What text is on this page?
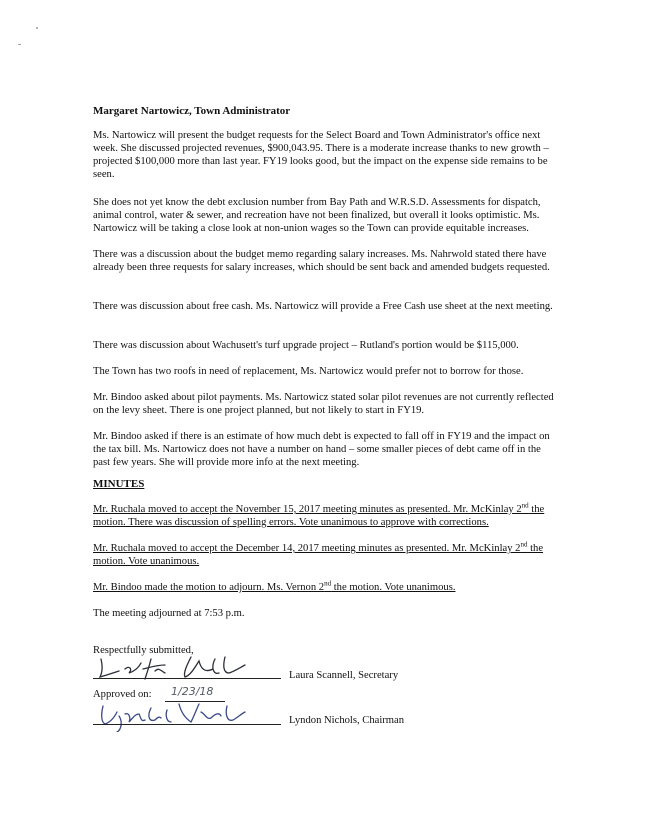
Margaret Nartowicz, Town Administrator

Ms. Nartowicz will present the budget requests for the Select Board and Town Administrator's office next week. She discussed projected revenues, $900,043.95. There is a moderate increase thanks to new growth – projected $100,000 more than last year. FY19 looks good, but the impact on the expense side remains to be seen.

She does not yet know the debt exclusion number from Bay Path and W.R.S.D. Assessments for dispatch, animal control, water & sewer, and recreation have not been finalized, but overall it looks optimistic. Ms. Nartowicz will be taking a close look at non-union wages so the Town can provide equitable increases.

There was a discussion about the budget memo regarding salary increases. Ms. Nahrwold stated there have already been three requests for salary increases, which should be sent back and amended budgets requested.

There was discussion about free cash. Ms. Nartowicz will provide a Free Cash use sheet at the next meeting.

There was discussion about Wachusett's turf upgrade project – Rutland's portion would be $115,000.

The Town has two roofs in need of replacement, Ms. Nartowicz would prefer not to borrow for those.

Mr. Bindoo asked about pilot payments. Ms. Nartowicz stated solar pilot revenues are not currently reflected on the levy sheet. There is one project planned, but not likely to start in FY19.

Mr. Bindoo asked if there is an estimate of how much debt is expected to fall off in FY19 and the impact on the tax bill. Ms. Nartowicz does not have a number on hand – some smaller pieces of debt came off in the past few years. She will provide more info at the next meeting.

MINUTES

Mr. Ruchala moved to accept the November 15, 2017 meeting minutes as presented. Mr. McKinlay 2nd the motion. There was discussion of spelling errors. Vote unanimous to approve with corrections.

Mr. Ruchala moved to accept the December 14, 2017 meeting minutes as presented. Mr. McKinlay 2nd the motion. Vote unanimous.

Mr. Bindoo made the motion to adjourn. Ms. Vernon 2nd the motion. Vote unanimous.

The meeting adjourned at 7:53 p.m.

Respectfully submitted,
Laura Scannell, Secretary
Approved on: 1/23/18
Lyndon Nichols, Chairman
